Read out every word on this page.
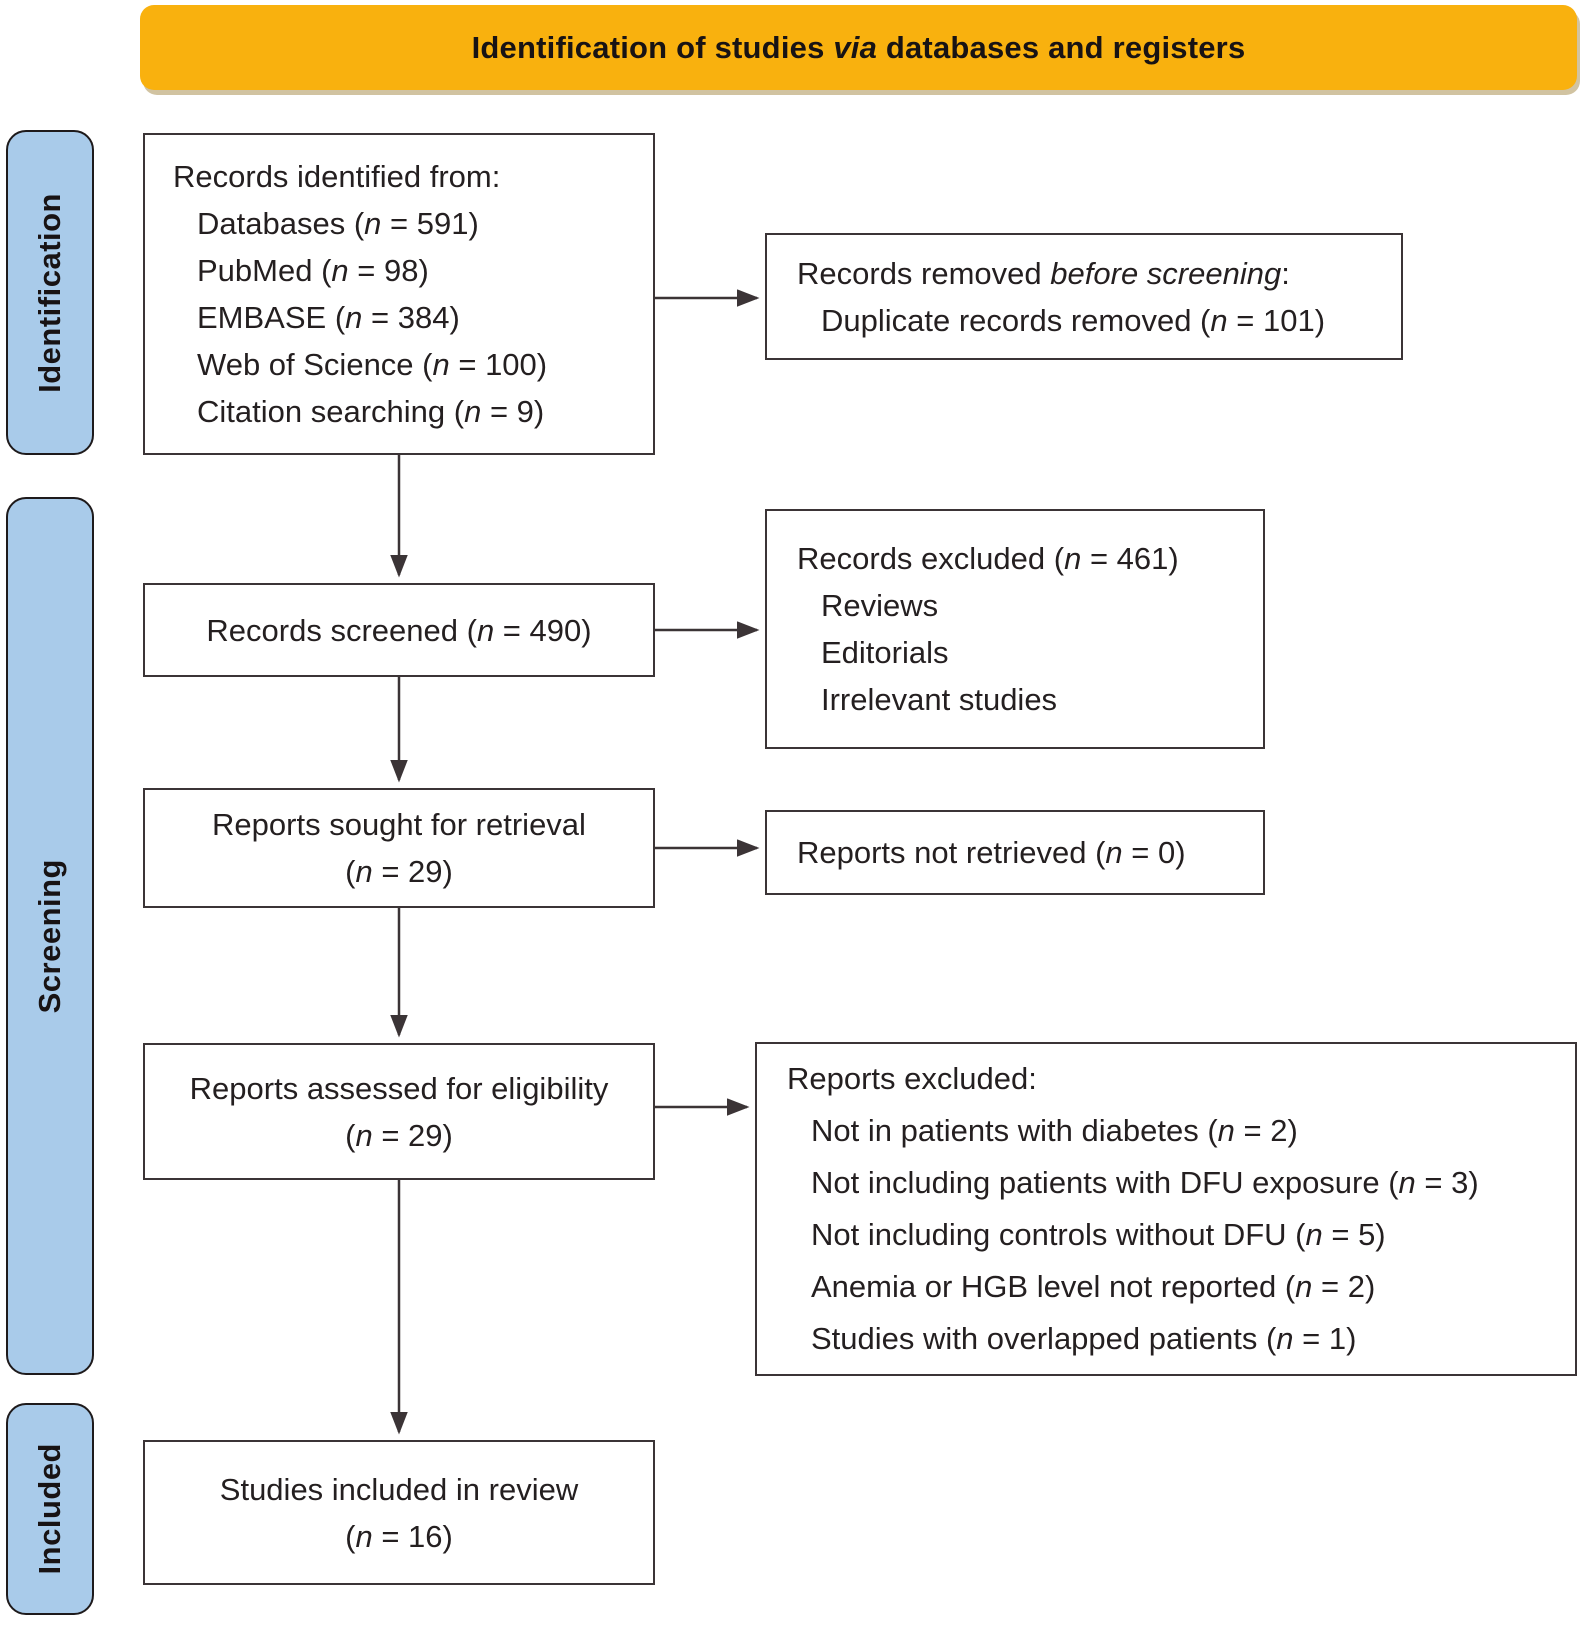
Identification of studies via databases and registers
Identification
Screening
Included
Records identified from:
Databases (n = 591)
PubMed (n = 98)
EMBASE (n = 384)
Web of Science (n = 100)
Citation searching (n = 9)
Records removed before screening:
Duplicate records removed (n = 101)
Records screened (n = 490)
Records excluded (n = 461)
Reviews
Editorials
Irrelevant studies
Reports sought for retrieval
(n = 29)
Reports not retrieved (n = 0)
Reports assessed for eligibility
(n = 29)
Reports excluded:
Not in patients with diabetes (n = 2)
Not including patients with DFU exposure (n = 3)
Not including controls without DFU (n = 5)
Anemia or HGB level not reported (n = 2)
Studies with overlapped patients (n = 1)
Studies included in review
(n = 16)
